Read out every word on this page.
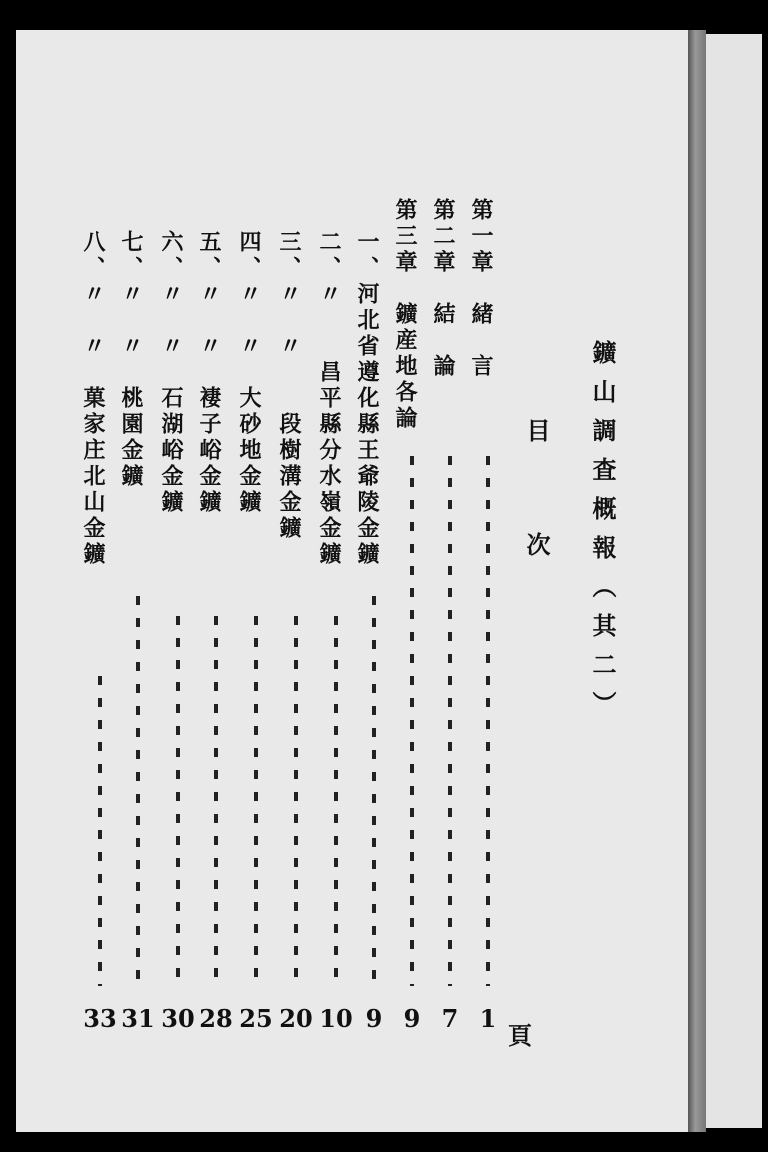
鑛山調査概報（其二）
目次
頁
第一章　緒　言
1
第二章　結　論
7
第三章　鑛産地各論
9
一、河北省遵化縣王爺陵金鑛
9
二、〃　　昌平縣分水嶺金鑛
10
三、〃　〃　　段樹溝金鑛
20
四、〃　〃　大砂地金鑛
25
五、〃　〃　褄子峪金鑛
28
六、〃　〃　石湖峪金鑛
30
七、〃　〃　桃園金鑛
31
八、〃　〃　菓家庄北山金鑛
33
